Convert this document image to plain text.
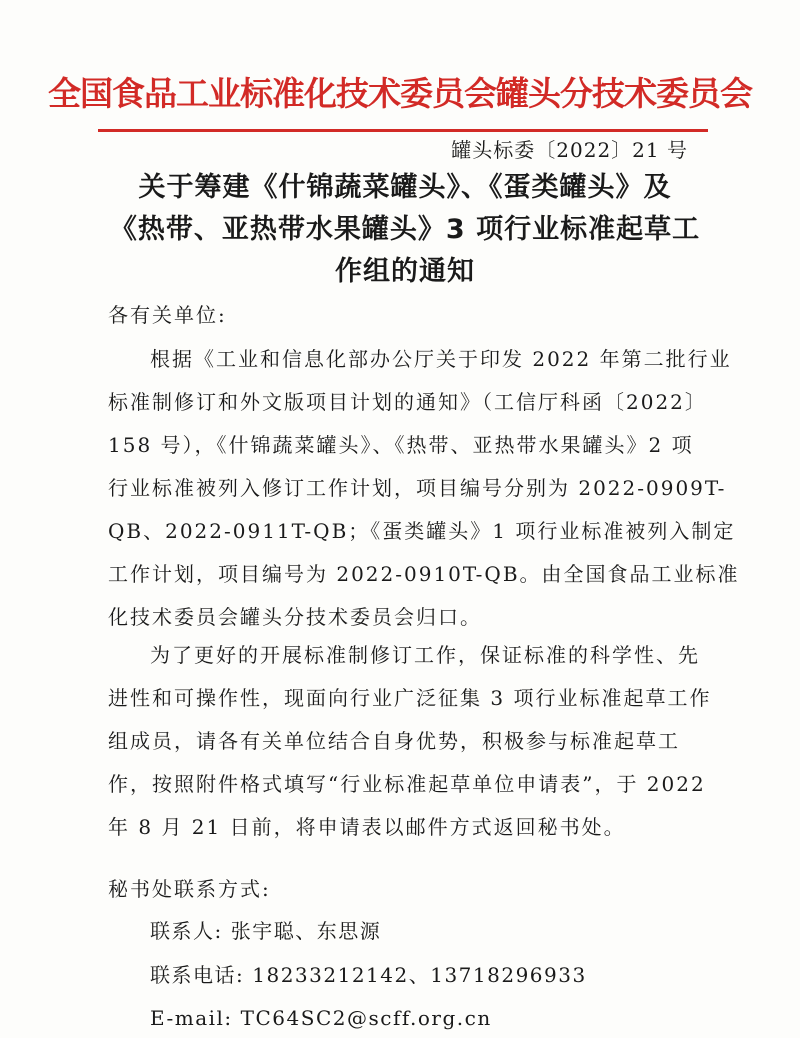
全国食品工业标准化技术委员会罐头分技术委员会
罐头标委〔2022〕21 号
关于筹建《什锦蔬菜罐头》、《蛋类罐头》及
《热带、亚热带水果罐头》3 项行业标准起草工
作组的通知
各有关单位:
根据《工业和信息化部办公厅关于印发 2022 年第二批行业
标准制修订和外文版项目计划的通知》（工信厅科函〔2022〕
158 号），《什锦蔬菜罐头》、《热带、亚热带水果罐头》2 项
行业标准被列入修订工作计划，项目编号分别为 2022-0909T-
QB、2022-0911T-QB；《蛋类罐头》1 项行业标准被列入制定
工作计划，项目编号为 2022-0910T-QB。由全国食品工业标准
化技术委员会罐头分技术委员会归口。
为了更好的开展标准制修订工作，保证标准的科学性、先
进性和可操作性，现面向行业广泛征集 3 项行业标准起草工作
组成员，请各有关单位结合自身优势，积极参与标准起草工
作，按照附件格式填写“行业标准起草单位申请表”，于 2022
年 8 月 21 日前，将申请表以邮件方式返回秘书处。
秘书处联系方式:
联系人: 张宇聪、东思源
联系电话: 18233212142、13718296933
E-mail: TC64SC2@scff.org.cn
